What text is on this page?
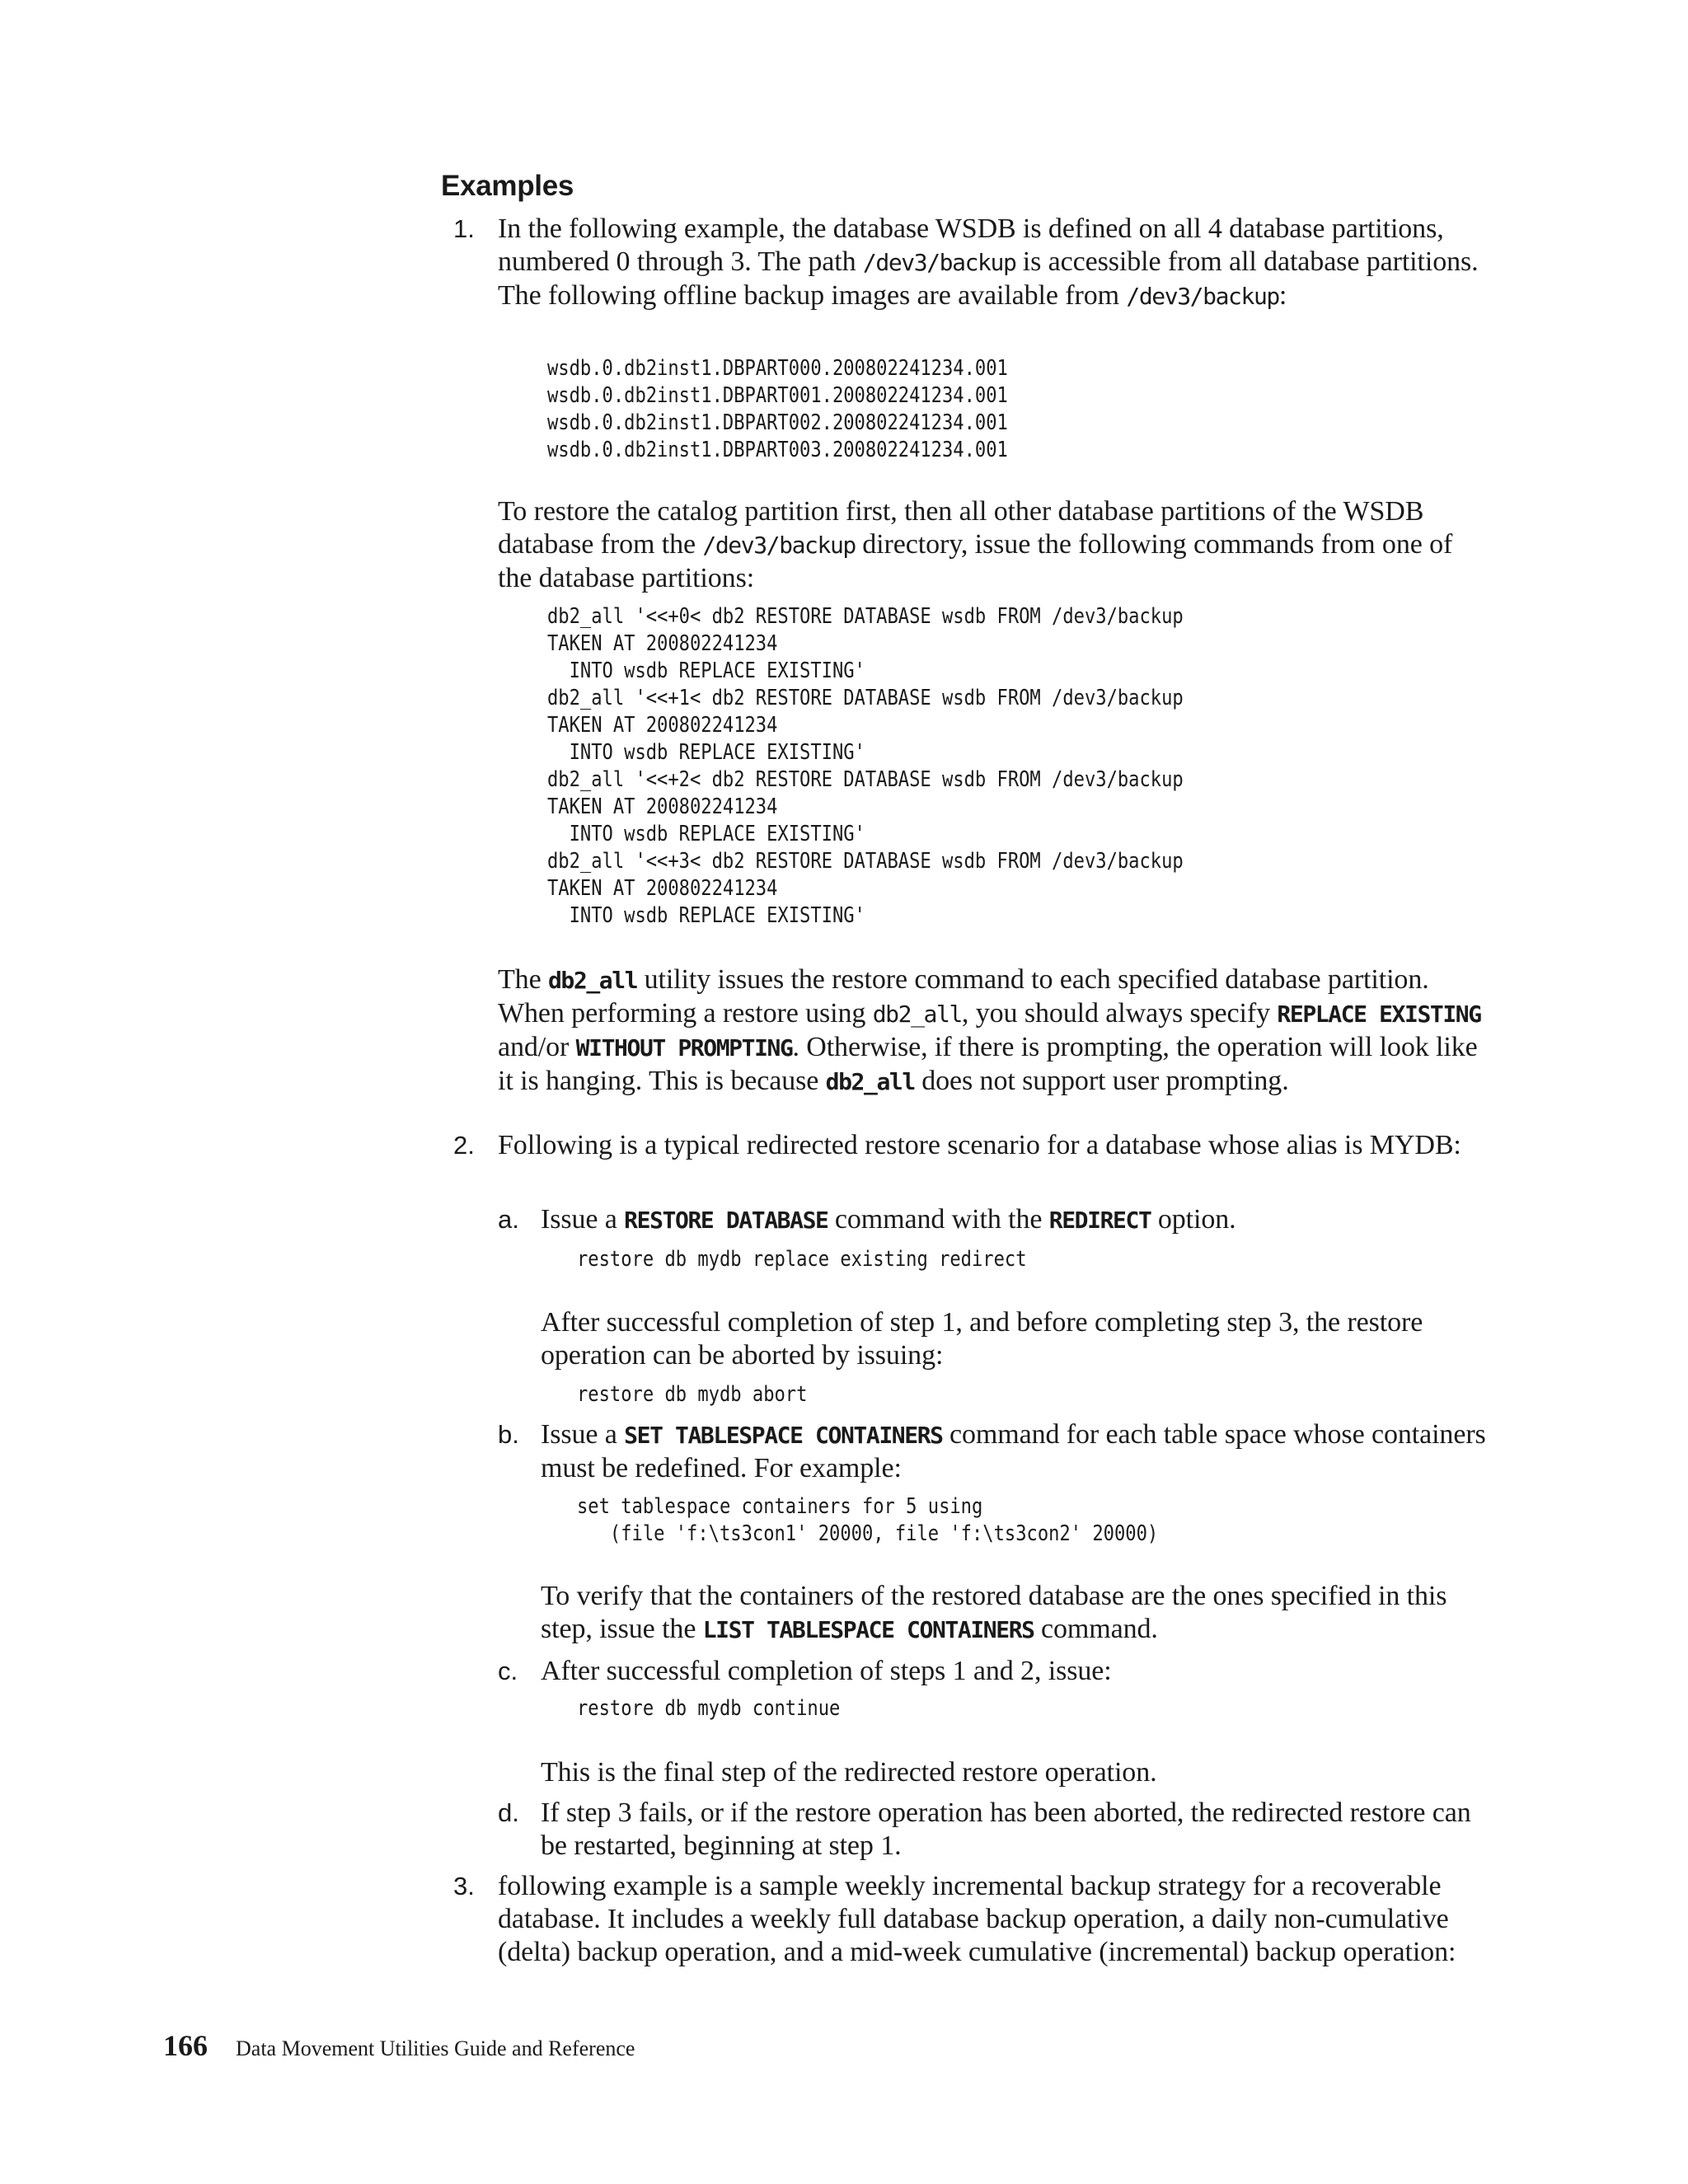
Examples
1. In the following example, the database WSDB is defined on all 4 database partitions, numbered 0 through 3. The path /dev3/backup is accessible from all database partitions. The following offline backup images are available from /dev3/backup:

wsdb.0.db2inst1.DBPART000.200802241234.001
wsdb.0.db2inst1.DBPART001.200802241234.001
wsdb.0.db2inst1.DBPART002.200802241234.001
wsdb.0.db2inst1.DBPART003.200802241234.001

To restore the catalog partition first, then all other database partitions of the WSDB database from the /dev3/backup directory, issue the following commands from one of the database partitions:

db2_all '<<+0< db2 RESTORE DATABASE wsdb FROM /dev3/backup
TAKEN AT 200802241234
INTO wsdb REPLACE EXISTING'
db2_all '<<+1< db2 RESTORE DATABASE wsdb FROM /dev3/backup
TAKEN AT 200802241234
INTO wsdb REPLACE EXISTING'
db2_all '<<+2< db2 RESTORE DATABASE wsdb FROM /dev3/backup
TAKEN AT 200802241234
INTO wsdb REPLACE EXISTING'
db2_all '<<+3< db2 RESTORE DATABASE wsdb FROM /dev3/backup
TAKEN AT 200802241234
INTO wsdb REPLACE EXISTING'

The db2_all utility issues the restore command to each specified database partition. When performing a restore using db2_all, you should always specify REPLACE EXISTING and/or WITHOUT PROMPTING. Otherwise, if there is prompting, the operation will look like it is hanging. This is because db2_all does not support user prompting.

2. Following is a typical redirected restore scenario for a database whose alias is MYDB:

a. Issue a RESTORE DATABASE command with the REDIRECT option.

restore db mydb replace existing redirect

After successful completion of step 1, and before completing step 3, the restore operation can be aborted by issuing:

restore db mydb abort
b. Issue a SET TABLESPACE CONTAINERS command for each table space whose containers must be redefined. For example:

set tablespace containers for 5 using
(file 'f:\ts3con1' 20000, file 'f:\ts3con2' 20000)

To verify that the containers of the restored database are the ones specified in this step, issue the LIST TABLESPACE CONTAINERS command.

c. After successful completion of steps 1 and 2, issue:

restore db mydb continue

This is the final step of the redirected restore operation.

d. If step 3 fails, or if the restore operation has been aborted, the redirected restore can be restarted, beginning at step 1.

3. following example is a sample weekly incremental backup strategy for a recoverable database. It includes a weekly full database backup operation, a daily non-cumulative (delta) backup operation, and a mid-week cumulative (incremental) backup operation:

166 Data Movement Utilities Guide and Reference
